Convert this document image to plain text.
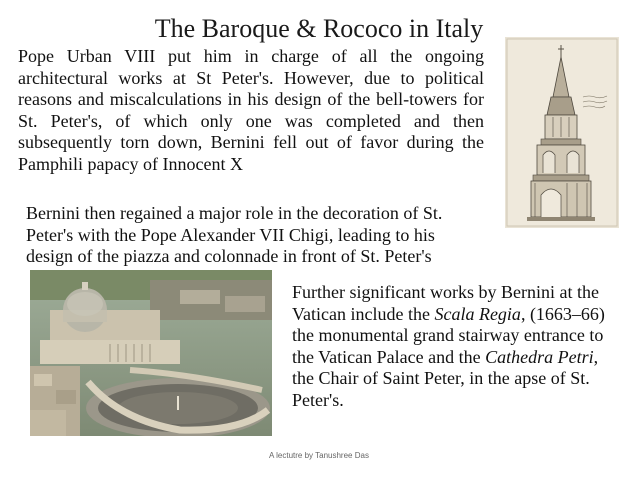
The Baroque & Rococo in Italy
Pope Urban VIII put him in charge of all the ongoing architectural works at St Peter's. However, due to political reasons and miscalculations in his design of the bell-towers for St. Peter's, of which only one was completed and then subsequently torn down, Bernini fell out of favor during the Pamphili papacy of Innocent X
Bernini then regained a major role in the decoration of St. Peter's with the Pope Alexander VII Chigi, leading to his design of the piazza and colonnade in front of St. Peter's
Further significant works by Bernini at the Vatican include the Scala Regia, (1663–66) the monumental grand stairway entrance to the Vatican Palace and the Cathedra Petri, the Chair of Saint Peter, in the apse of St. Peter's.
A lectutre by Tanushree Das
